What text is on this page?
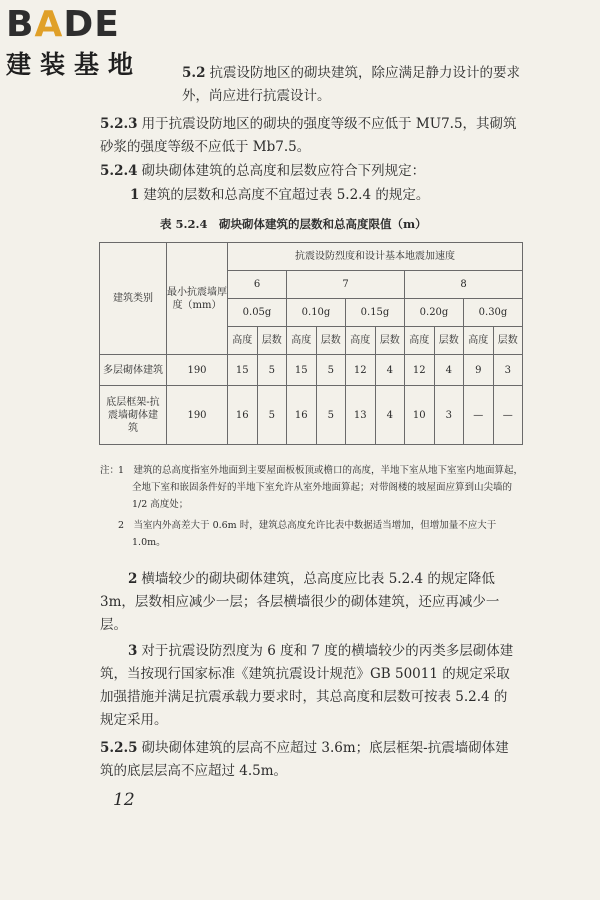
BADE
建装基地	5.2 抗震设防地区的砌块建筑，除应满足静力设计的要求外，尚应进行抗震设计。

5.2.3 用于抗震设防地区的砌块的强度等级不应低于 MU7.5，其砌筑砂浆的强度等级不应低于 Mb7.5。

5.2.4 砌块砌体建筑的总高度和层数应符合下列规定：

1 建筑的层数和总高度不宜超过表 5.2.4 的规定。

表 5.2.4　砌块砌体建筑的层数和总高度限值（m）
建筑类别	最小抗震墙厚度（mm）	抗震设防烈度和设计基本地震加速度									
		6		7				8			
		0.05g		0.10g		0.15g		0.20g		0.30g	
		高度	层数	高度	层数	高度	层数	高度	层数	高度	层数
多层砌体建筑	190	15	5	15	5	12	4	12	4	9	3
底层框架-抗震墙砌体建筑	190	16	5	16	5	13	4	10	3	—	—
注：
1　建筑的总高度指室外地面到主要屋面板板顶或檐口的高度，半地下室从地下室室内地面算起，全地下室和嵌固条件好的半地下室允许从室外地面算起；对带阁楼的坡屋面应算到山尖墙的 1/2 高度处；
2　当室内外高差大于 0.6m 时，建筑总高度允许比表中数据适当增加，但增加量不应大于 1.0m。

2 横墙较少的砌块砌体建筑，总高度应比表 5.2.4 的规定降低 3m，层数相应减少一层；各层横墙很少的砌体建筑，还应再减少一层。

3 对于抗震设防烈度为 6 度和 7 度的横墙较少的丙类多层砌体建筑，当按现行国家标准《建筑抗震设计规范》GB 50011 的规定采取加强措施并满足抗震承载力要求时，其总高度和层数可按表 5.2.4 的规定采用。

5.2.5 砌块砌体建筑的层高不应超过 3.6m；底层框架-抗震墙砌体建筑的底层层高不应超过 4.5m。

12
